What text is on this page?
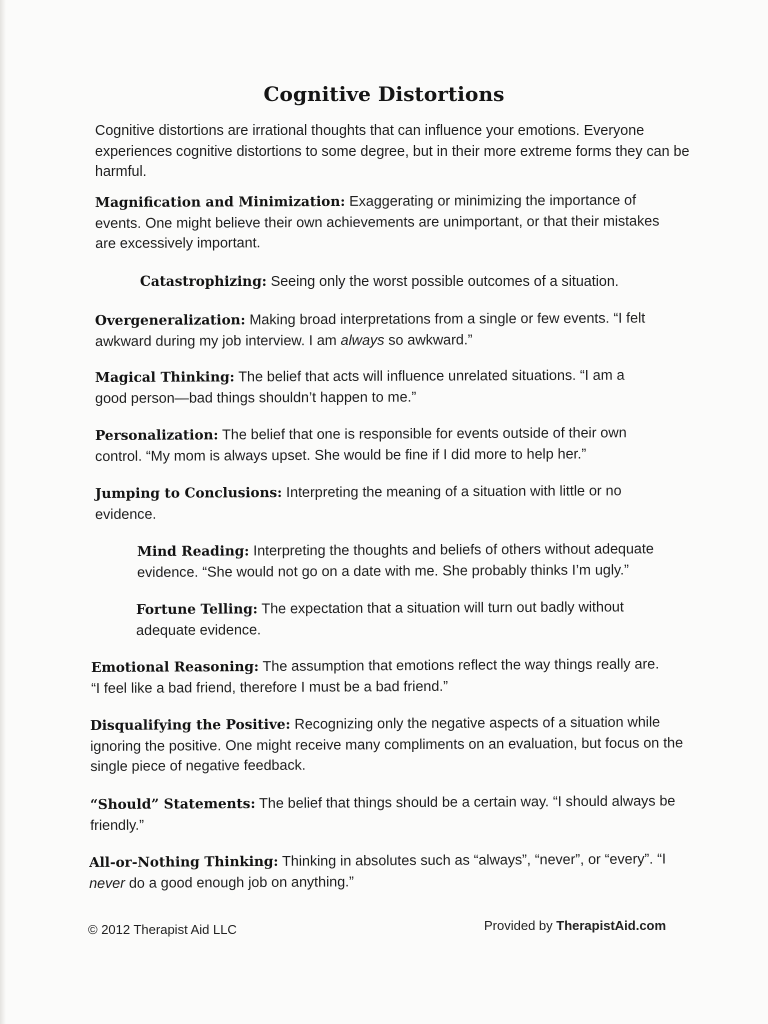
Cognitive Distortions
Cognitive distortions are irrational thoughts that can influence your emotions. Everyone experiences cognitive distortions to some degree, but in their more extreme forms they can be harmful.
Magnification and Minimization: Exaggerating or minimizing the importance of events. One might believe their own achievements are unimportant, or that their mistakes are excessively important.
Catastrophizing: Seeing only the worst possible outcomes of a situation.
Overgeneralization: Making broad interpretations from a single or few events. “I felt awkward during my job interview. I am always so awkward.”
Magical Thinking: The belief that acts will influence unrelated situations. “I am a good person—bad things shouldn’t happen to me.”
Personalization: The belief that one is responsible for events outside of their own control. “My mom is always upset. She would be fine if I did more to help her.”
Jumping to Conclusions: Interpreting the meaning of a situation with little or no evidence.
Mind Reading: Interpreting the thoughts and beliefs of others without adequate evidence. “She would not go on a date with me. She probably thinks I’m ugly.”
Fortune Telling: The expectation that a situation will turn out badly without adequate evidence.
Emotional Reasoning: The assumption that emotions reflect the way things really are. “I feel like a bad friend, therefore I must be a bad friend.”
Disqualifying the Positive: Recognizing only the negative aspects of a situation while ignoring the positive. One might receive many compliments on an evaluation, but focus on the single piece of negative feedback.
“Should” Statements: The belief that things should be a certain way. “I should always be friendly.”
All-or-Nothing Thinking: Thinking in absolutes such as “always”, “never”, or “every”. “I never do a good enough job on anything.”
© 2012 Therapist Aid LLC	Provided by TherapistAid.com
